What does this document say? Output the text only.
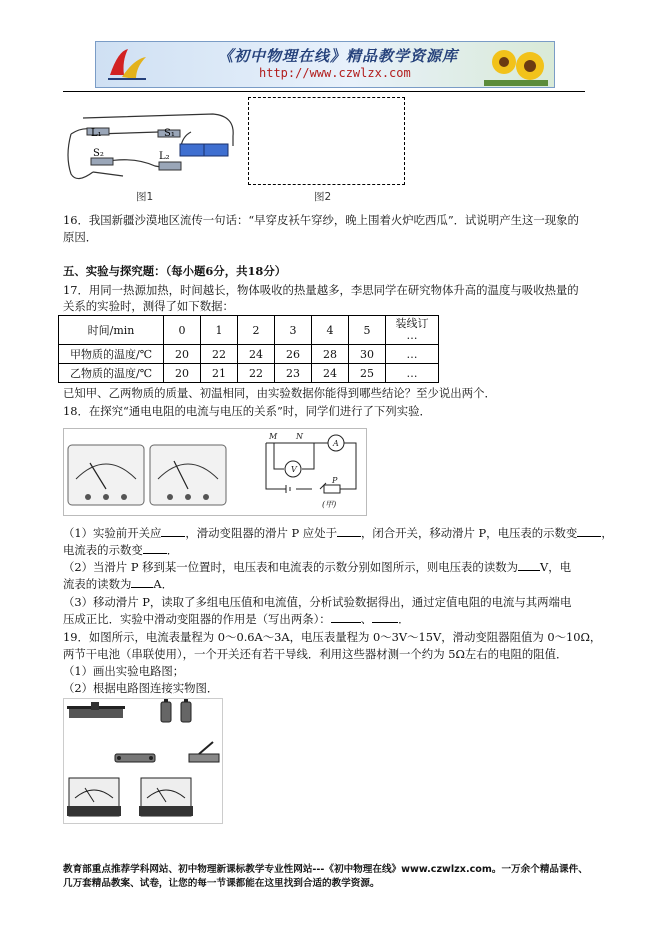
《初中物理在线》精品教学资源库
http://www.czwlzx.com
L₁	S₁
S₂	L₂
图1	图2
16．我国新疆沙漠地区流传一句话：“早穿皮袄午穿纱，晚上围着火炉吃西瓜”．试说明产生这一现象的
原因．
五、实验与探究题：（每小题6分，共18分）
17．用同一热源加热，时间越长，物体吸收的热量越多，李思同学在研究物体升高的温度与吸收热量的
关系的实验时，测得了如下数据：
时间/min	0	1	2	3	4	5	装线订
…

甲物质的温度/℃	20	22	24	26	28	30	…
乙物质的温度/℃	20	21	22	23	24	25	…
已知甲、乙两物质的质量、初温相同，由实验数据你能得到哪些结论？至少说出两个．
18．在探究“通电电阻的电流与电压的关系”时，同学们进行了下列实验．
V
A
M N
P
(甲)
（1）实验前开关应 ，滑动变阻器的滑片 P 应处于 ，闭合开关，移动滑片 P，电压表的示数变 ，
电流表的示数变 ．
（2）当滑片 P 移到某一位置时，电压表和电流表的示数分别如图所示，则电压表的读数为 V，电
流表的读数为 A．
（3）移动滑片 P，读取了多组电压值和电流值，分析试验数据得出，通过定值电阻的电流与其两端电
压成正比．实验中滑动变阻器的作用是（写出两条）：	、 ．
19．如图所示，电流表量程为 0～0.6A～3A，电压表量程为 0～3V～15V，滑动变阻器阻值为 0～10Ω，
两节干电池（串联使用），一个开关还有若干导线．利用这些器材测一个约为 5Ω左右的电阻的阻值．
（1）画出实验电路图；
（2）根据电路图连接实物图．
教育部重点推荐学科网站、初中物理新课标教学专业性网站---《初中物理在线》www.czwlzx.com。一万余个精品课件、
几万套精品教案、试卷，让您的每一节课都能在这里找到合适的教学资源。
